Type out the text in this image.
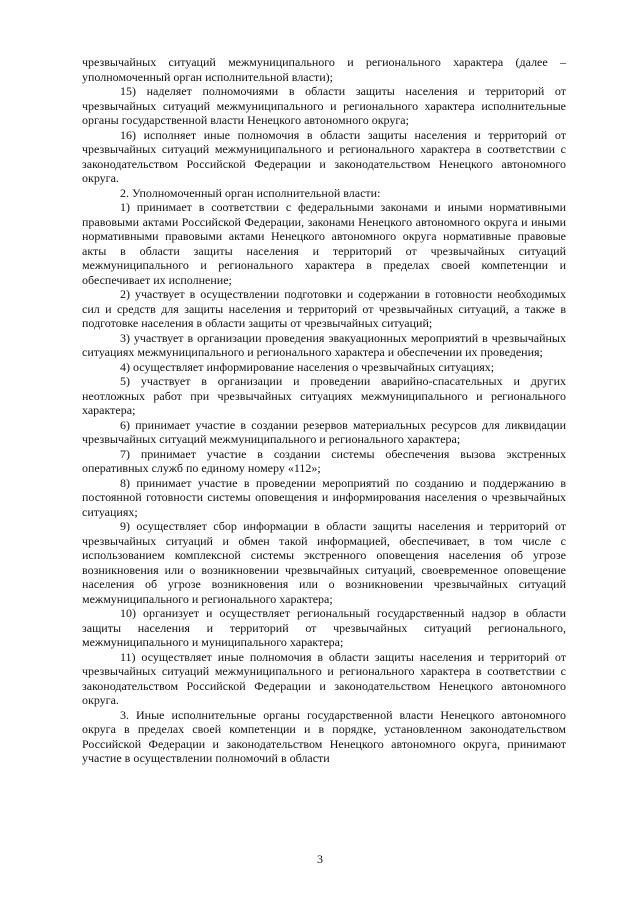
чрезвычайных ситуаций межмуниципального и регионального характера (далее – уполномоченный орган исполнительной власти);

15) наделяет полномочиями в области защиты населения и территорий от чрезвычайных ситуаций межмуниципального и регионального характера исполнительные органы государственной власти Ненецкого автономного округа;

16) исполняет иные полномочия в области защиты населения и территорий от чрезвычайных ситуаций межмуниципального и регионального характера в соответствии с законодательством Российской Федерации и законодательством Ненецкого автономного округа.

2. Уполномоченный орган исполнительной власти:

1) принимает в соответствии с федеральными законами и иными нормативными правовыми актами Российской Федерации, законами Ненецкого автономного округа и иными нормативными правовыми актами Ненецкого автономного округа нормативные правовые акты в области защиты населения и территорий от чрезвычайных ситуаций межмуниципального и регионального характера в пределах своей компетенции и обеспечивает их исполнение;

2) участвует в осуществлении подготовки и содержании в готовности необходимых сил и средств для защиты населения и территорий от чрезвычайных ситуаций, а также в подготовке населения в области защиты от чрезвычайных ситуаций;

3) участвует в организации проведения эвакуационных мероприятий в чрезвычайных ситуациях межмуниципального и регионального характера и обеспечении их проведения;

4) осуществляет информирование населения о чрезвычайных ситуациях;

5) участвует в организации и проведении аварийно-спасательных и других неотложных работ при чрезвычайных ситуациях межмуниципального и регионального характера;

6) принимает участие в создании резервов материальных ресурсов для ликвидации чрезвычайных ситуаций межмуниципального и регионального характера;

7) принимает участие в создании системы обеспечения вызова экстренных оперативных служб по единому номеру «112»;

8) принимает участие в проведении мероприятий по созданию и поддержанию в постоянной готовности системы оповещения и информирования населения о чрезвычайных ситуациях;

9) осуществляет сбор информации в области защиты населения и территорий от чрезвычайных ситуаций и обмен такой информацией, обеспечивает, в том числе с использованием комплексной системы экстренного оповещения населения об угрозе возникновения или о возникновении чрезвычайных ситуаций, своевременное оповещение населения об угрозе возникновения или о возникновении чрезвычайных ситуаций межмуниципального и регионального характера;

10) организует и осуществляет региональный государственный надзор в области защиты населения и территорий от чрезвычайных ситуаций регионального, межмуниципального и муниципального характера;

11) осуществляет иные полномочия в области защиты населения и территорий от чрезвычайных ситуаций межмуниципального и регионального характера в соответствии с законодательством Российской Федерации и законодательством Ненецкого автономного округа.

3. Иные исполнительные органы государственной власти Ненецкого автономного округа в пределах своей компетенции и в порядке, установленном законодательством Российской Федерации и законодательством Ненецкого автономного округа, принимают участие в осуществлении полномочий в области

3
